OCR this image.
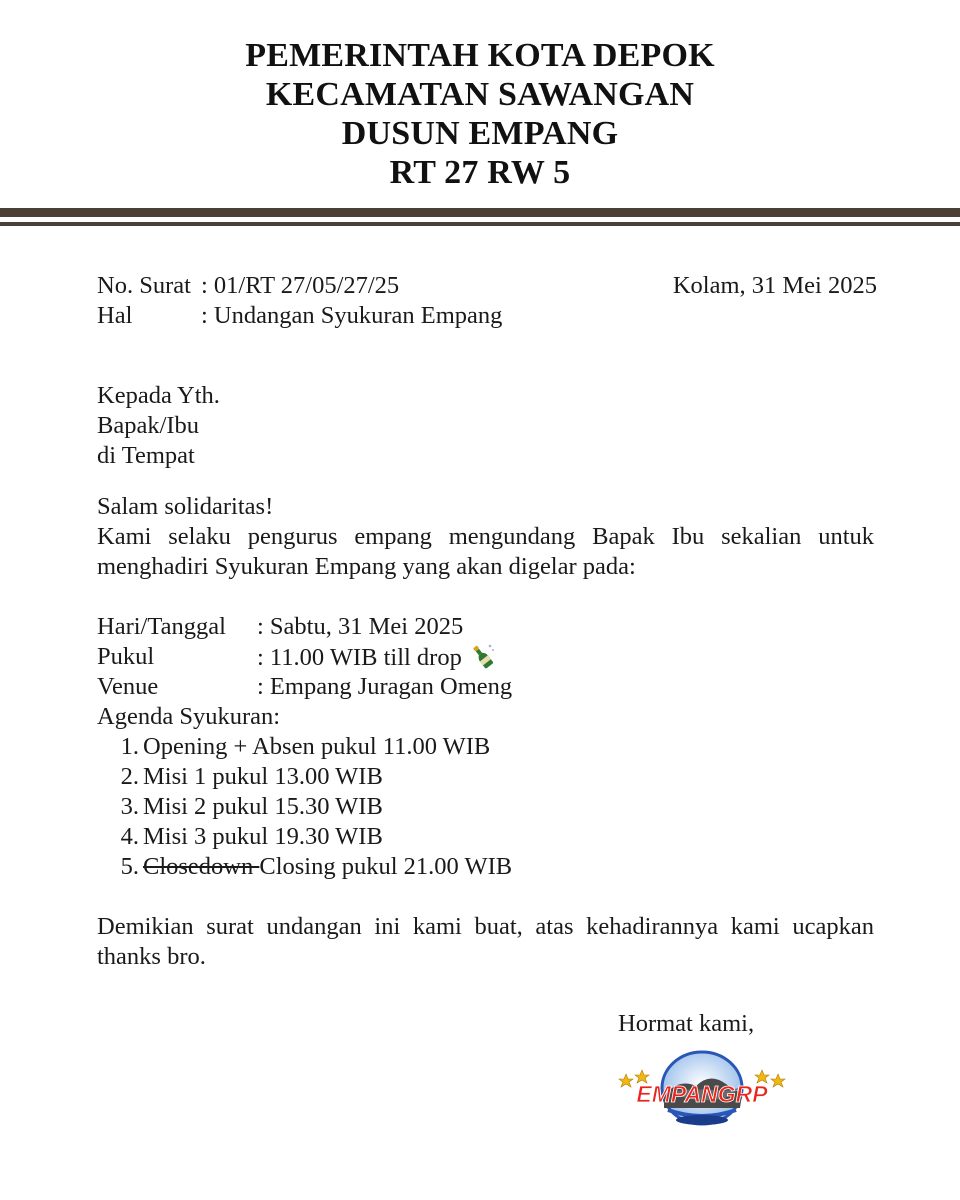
PEMERINTAH KOTA DEPOK
KECAMATAN SAWANGAN
DUSUN EMPANG
RT 27 RW 5
No. Surat : 01/RT 27/05/27/25	Kolam, 31 Mei 2025
Hal	: Undangan Syukuran Empang
Kepada Yth.
Bapak/Ibu
di Tempat
Salam solidaritas!
Kami selaku pengurus empang mengundang Bapak Ibu sekalian untuk menghadiri Syukuran Empang yang akan digelar pada:
Hari/Tanggal : Sabtu, 31 Mei 2025
Pukul	: 11.00 WIB till drop
Venue	: Empang Juragan Omeng
Agenda Syukuran:
1. Opening + Absen pukul 11.00 WIB
2. Misi 1 pukul 13.00 WIB
3. Misi 2 pukul 15.30 WIB
4. Misi 3 pukul 19.30 WIB
5. Closedown Closing pukul 21.00 WIB
Demikian surat undangan ini kami buat, atas kehadirannya kami ucapkan thanks bro.
Hormat kami,
EMPANGRP
